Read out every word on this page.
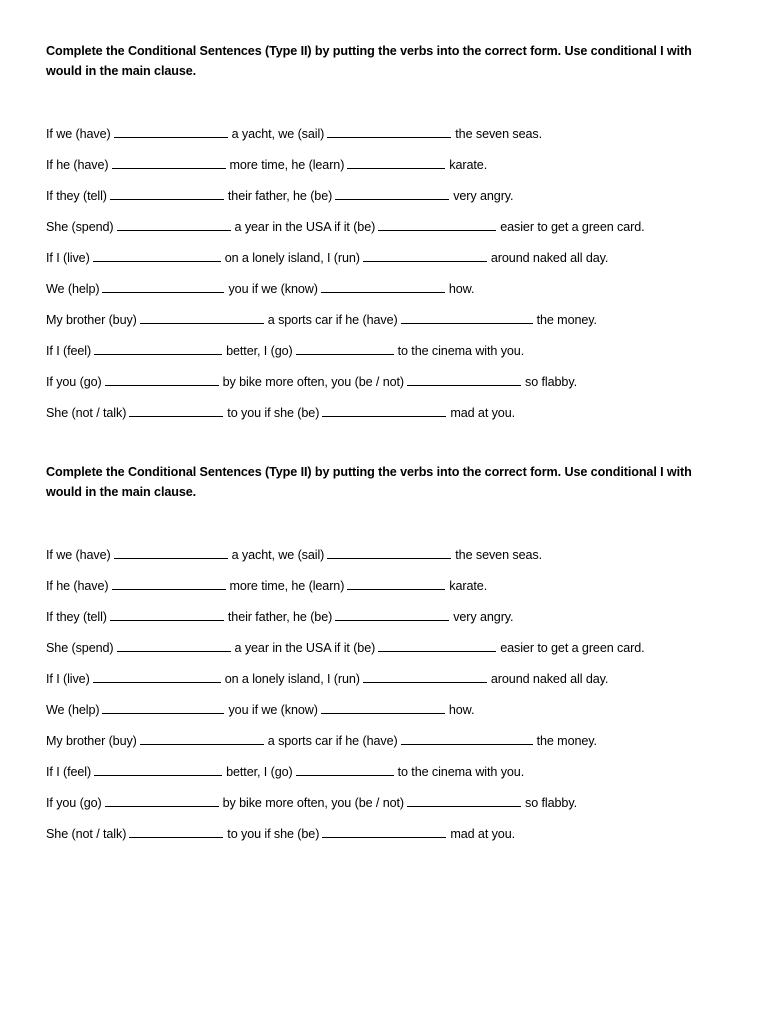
Complete the Conditional Sentences (Type II) by putting the verbs into the correct form. Use conditional I with would in the main clause.

If we (have)	a yacht, we (sail)	the seven seas.
If he (have)	more time, he (learn)	karate.
If they (tell)	their father, he (be)	very angry.
She (spend)	a year in the USA if it (be)	easier to get a green card.
If I (live)	on a lonely island, I (run)	around naked all day.
We (help)	you if we (know)	how.
My brother (buy)	a sports car if he (have)	the money.
If I (feel)	better, I (go)	to the cinema with you.
If you (go)	by bike more often, you (be / not)	so flabby.
She (not / talk)	to you if she (be)	mad at you.

Complete the Conditional Sentences (Type II) by putting the verbs into the correct form. Use conditional I with would in the main clause.

If we (have)	a yacht, we (sail)	the seven seas.
If he (have)	more time, he (learn)	karate.
If they (tell)	their father, he (be)	very angry.
She (spend)	a year in the USA if it (be)	easier to get a green card.
If I (live)	on a lonely island, I (run)	around naked all day.
We (help)	you if we (know)	how.
My brother (buy)	a sports car if he (have)	the money.
If I (feel)	better, I (go)	to the cinema with you.
If you (go)	by bike more often, you (be / not)	so flabby.
She (not / talk)	to you if she (be)	mad at you.
